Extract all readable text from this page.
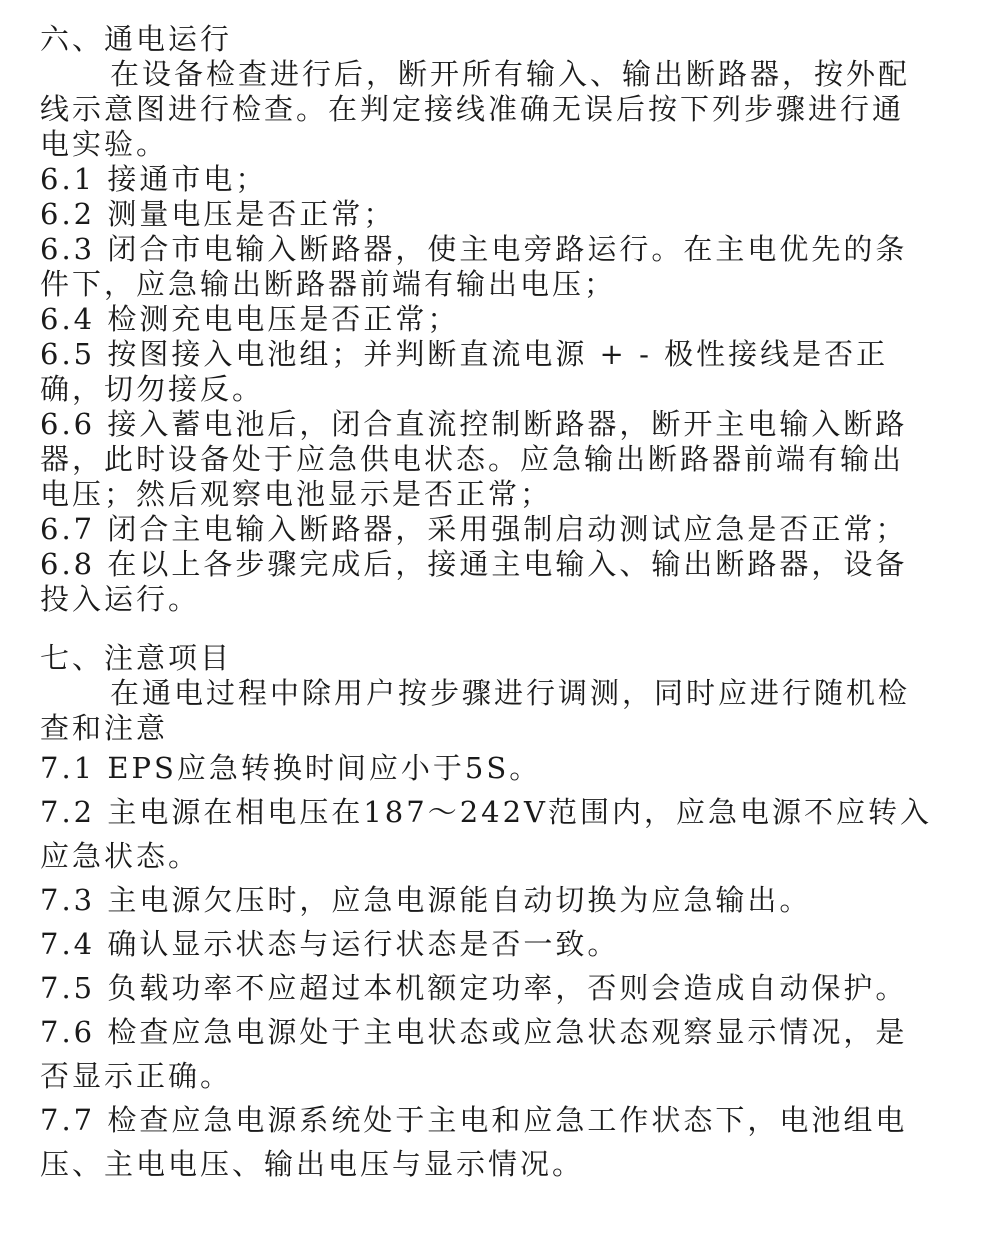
六、通电运行
在设备检查进行后，断开所有输入、输出断路器，按外配
线示意图进行检查。在判定接线准确无误后按下列步骤进行通
电实验。
6.1 接通市电；
6.2 测量电压是否正常；
6.3 闭合市电输入断路器，使主电旁路运行。在主电优先的条
件下，应急输出断路器前端有输出电压；
6.4 检测充电电压是否正常；
6.5 按图接入电池组；并判断直流电源 + - 极性接线是否正
确，切勿接反。
6.6 接入蓄电池后，闭合直流控制断路器，断开主电输入断路
器，此时设备处于应急供电状态。应急输出断路器前端有输出
电压；然后观察电池显示是否正常；
6.7 闭合主电输入断路器，采用强制启动测试应急是否正常；
6.8 在以上各步骤完成后，接通主电输入、输出断路器，设备
投入运行。
七、注意项目
在通电过程中除用户按步骤进行调测，同时应进行随机检
查和注意
7.1 EPS应急转换时间应小于5S。
7.2 主电源在相电压在187～242V范围内，应急电源不应转入
应急状态。
7.3 主电源欠压时，应急电源能自动切换为应急输出。
7.4 确认显示状态与运行状态是否一致。
7.5 负载功率不应超过本机额定功率，否则会造成自动保护。
7.6 检查应急电源处于主电状态或应急状态观察显示情况，是
否显示正确。
7.7 检查应急电源系统处于主电和应急工作状态下，电池组电
压、主电电压、输出电压与显示情况。
